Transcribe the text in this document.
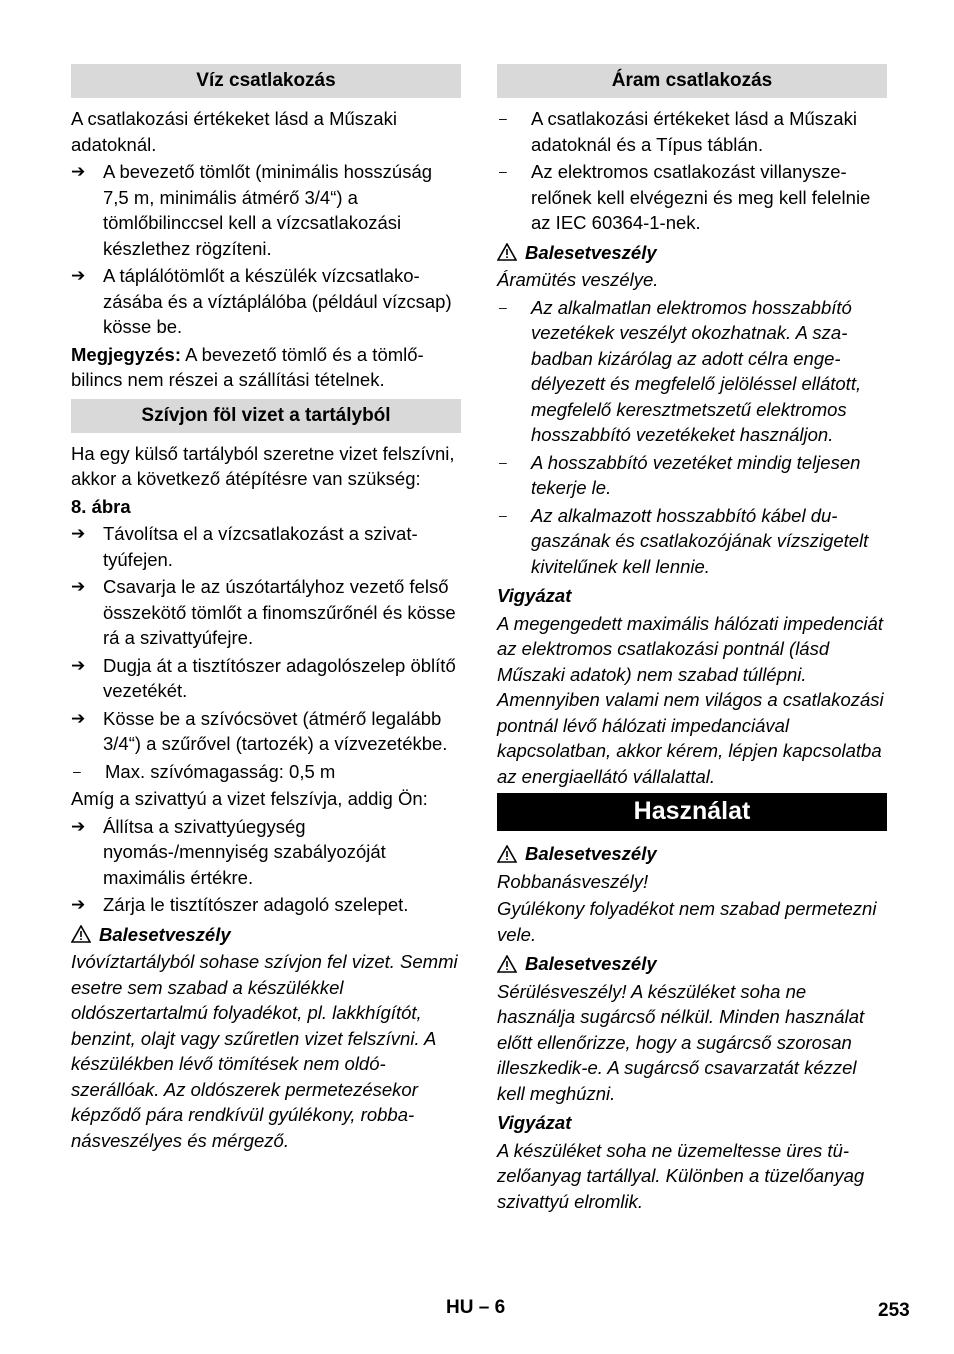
Víz csatlakozás
A csatlakozási értékeket lásd a Műszaki adatoknál.
➔ A bevezető tömlőt (minimális hosszúság 7,5 m, minimális átmérő 3/4“) a tömlőbilinccsel kell a vízcsatlakozási készlethez rögzíteni.
➔ A táplálótömlőt a készülék vízcsatlakozásába és a víztáplálóba (például vízcsap) kösse be.
Megjegyzés: A bevezető tömlő és a tömlőbilincs nem részei a szállítási tételnek.
Szívjon föl vizet a tartályból
Ha egy külső tartályból szeretne vizet felszívni, akkor a következő átépítésre van szükség:
8. ábra
➔ Távolítsa el a vízcsatlakozást a szivattyúfejen.
➔ Csavarja le az úszótartályhoz vezető felső összekötő tömlőt a finomszűrőnél és kösse rá a szivattyúfejre.
➔ Dugja át a tisztítószer adagolószelep öblítő vezetékét.
➔ Kösse be a szívócsövet (átmérő legalább 3/4“) a szűrővel (tartozék) a vízvezetékbe.
–	Max. szívómagasság: 0,5 m
Amíg a szivattyú a vizet felszívja, addig Ön:
➔ Állítsa a szivattyúegység nyomás-/mennyiség szabályozóját maximális értékre.
➔ Zárja le tisztítószer adagoló szelepet.
Balesetveszély
Ivóvíztartályból sohase szívjon fel vizet. Semmi esetre sem szabad a készülékkel oldószertartalmú folyadékot, pl. lakkhígítót, benzint, olajt vagy szűretlen vizet felszívni. A készülékben lévő tömítések nem oldószerállóak. Az oldószerek permetezésekor képződő pára rendkívül gyúlékony, robbanásveszélyes és mérgező.
Áram csatlakozás
–	A csatlakozási értékeket lásd a Műszaki adatoknál és a Típus táblán.
–	Az elektromos csatlakozást villanyszerelőnek kell elvégezni és meg kell felelnie az IEC 60364-1-nek.
Balesetveszély
Áramütés veszélye.
–	Az alkalmatlan elektromos hosszabbító vezetékek veszélyt okozhatnak. A szabadban kizárólag az adott célra engedélyezett és megfelelő jelöléssel ellátott, megfelelő keresztmetszetű elektromos hosszabbító vezetékeket használjon.
–	A hosszabbító vezetéket mindig teljesen tekerje le.
–	Az alkalmazott hosszabbító kábel dugaszának és csatlakozójának vízszigetelt kivitelűnek kell lennie.
Vigyázat
A megengedett maximális hálózati impedenciát az elektromos csatlakozási pontnál (lásd Műszaki adatok) nem szabad túllépni. Amennyiben valami nem világos a csatlakozási pontnál lévő hálózati impedanciával kapcsolatban, akkor kérem, lépjen kapcsolatba az energiaellátó vállalattal.
Használat
Balesetveszély
Robbanásveszély!
Gyúlékony folyadékot nem szabad permetezni vele.
Balesetveszély
Sérülésveszély! A készüléket soha ne használja sugárcső nélkül. Minden használat előtt ellenőrizze, hogy a sugárcső szorosan illeszkedik-e. A sugárcső csavarzatát kézzel kell meghúzni.
Vigyázat
A készüléket soha ne üzemeltesse üres tüzelőanyag tartállyal. Különben a tüzelőanyag szivattyú elromlik.
HU – 6	253
